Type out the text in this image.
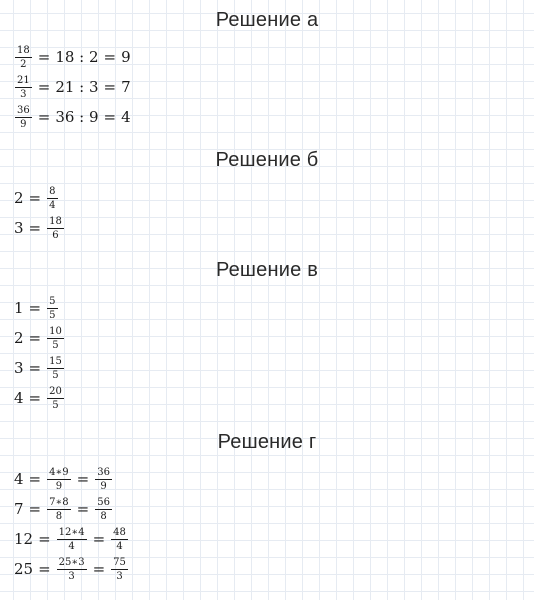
Решение а
$\frac{18}{2} = 18$ : 2 = 9
$\frac{21}{3} = 21$ : 3 = 7
$\frac{36}{9} = 36$ : 9 = 4
Решение б
$2 = \frac{8}{4}$
$3 = \frac{18}{6}$
Решение в
$1 = \frac{5}{5}$
$2 = \frac{10}{5}$
$3 = \frac{15}{5}$
$4 = \frac{20}{5}$
Решение г
$4 = \frac{4∗9}{9} = \frac{36}{9}$
$7 = \frac{7∗8}{8} = \frac{56}{8}$
$12 = \frac{12∗4}{4} = \frac{48}{4}$
$25 = \frac{25∗3}{3} = \frac{75}{3}$
